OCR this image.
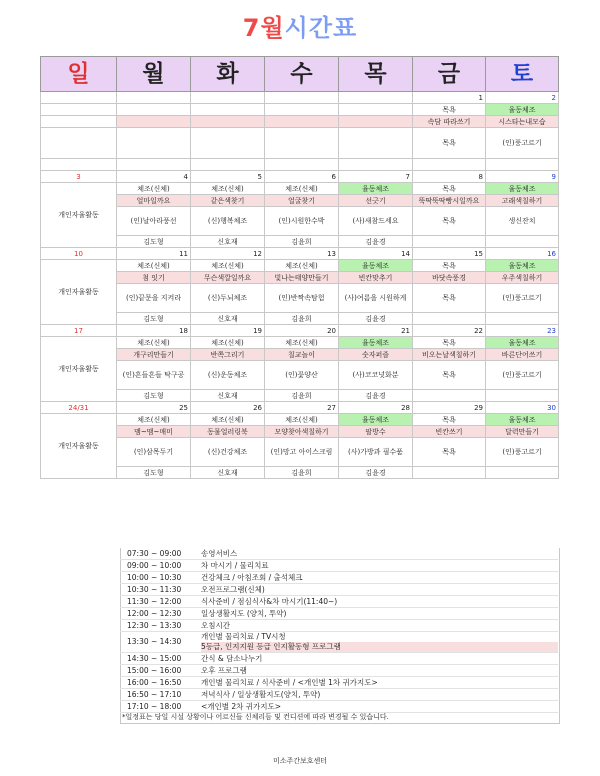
7월시간표
일	월	화	수	목	금	토
					1	2
					목욕	율동체조
					속담 따라쓰기	시스타는내모습
					목욕	(인)풍고르기

3	4	5	6	7	8	9
개인자율활동	체조(신체)	체조(신체)	체조(신체)	율동체조	목욕	율동체조
	얼마일까요	같은색찾기	얼굴찾기	선긋기	뚝딱뚝딱빵시일까요	고래색칠하기
	(인)날아라풍선	(신)행복체조	(인)시원한수박	(사)새참드세요	목욕	생신잔치
	김도형	신호재	김윤희	김윤경		
10	11	12	13	14	15	16
개인자율활동	체조(신체)	체조(신체)	체조(신체)	율동체조	목욕	율동체조
	첨 잇기	무슨색깔일까요	빛나는태양만들기	빈칸맞추기	바닷속풍경	우주색칠하기
	(인)끝문을 지켜라	(신)두뇌체조	(인)반짝속탐험	(사)여름을 시원하게	목욕	(인)풍고르기
	김도형	신호재	김윤희	김윤경		
17	18	19	20	21	22	23
개인자율활동	체조(신체)	체조(신체)	체조(신체)	율동체조	목욕	율동체조
	개구리만들기	반쪽그리기	칠교놀이	숫자퍼즐	비오는날색칠하기	바른단어쓰기
	(인)흔들흔들 탁구공	(신)운동체조	(인)꽃양산	(사)코코넛화분	목욕	(인)풍고르기
	김도형	신호재	김윤희	김윤경		
24/31	25	26	27	28	29	30
개인자율활동	체조(신체)	체조(신체)	체조(신체)	율동체조	목욕	율동체조
	맴~맴~매미	동물얼러링북	모양찾아색칠하기	팔방수	빈칸쓰기	달력만들기
	(인)삼목두기	(신)건강체조	(인)망고 아이스크림	(사)가방과 필수품	목욕	(인)풍고르기
	김도형	신호재	김윤희	김윤경		
07:30 ~ 09:00	송영서비스
09:00 ~ 10:00	차 마시기 / 물리치료
10:00 ~ 10:30	건강체크 / 아침조회 / 출석체크
10:30 ~ 11:30	오전프로그램(신체)
11:30 ~ 12:00	식사준비 / 점심식사&차 마시기(11:40~)
12:00 ~ 12:30	일상생활지도 (양치, 투약)
12:30 ~ 13:30	오침시간
13:30 ~ 14:30
개인별 물리치료 / TV시청
5등급, 인지지원 등급 인지활동형 프로그램
14:30 ~ 15:00	간식 & 담소나누기
15:00 ~ 16:00	오후 프로그램
16:00 ~ 16:50	개인별 물리치료 / 식사준비 / <개인별 1차 귀가지도>
16:50 ~ 17:10	저녁식사 / 일상생활지도(양치, 투약)
17:10 ~ 18:00	<개인별 2차 귀가지도>
*일정표는 당일 시설 상황이나 어르신들 신체리듬 및 컨디션에 따라 변경될 수 있습니다.
미소주간보호센터
